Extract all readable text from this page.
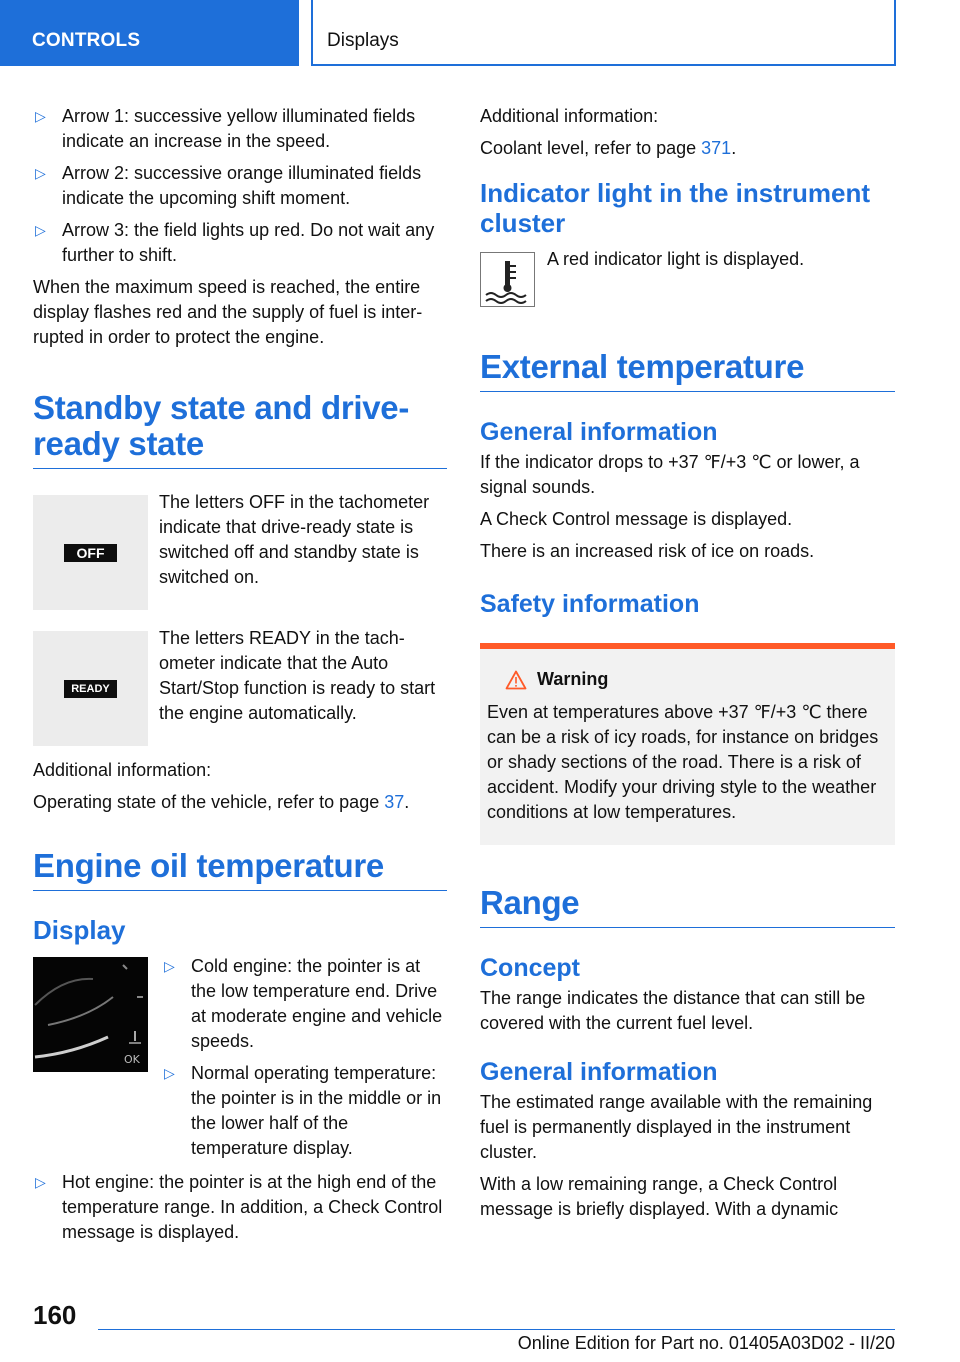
CONTROLS	Displays
▷ Arrow 1: successive yellow illuminated fields indicate an increase in the speed.
▷ Arrow 2: successive orange illuminated fields indicate the upcoming shift moment.
▷ Arrow 3: the field lights up red. Do not wait any further to shift.

When the maximum speed is reached, the entire display flashes red and the supply of fuel is interrupted in order to protect the engine.

Standby state and drive-ready state
OFF
The letters OFF in the tachometer indicate that drive-ready state is switched off and standby state is switched on.
READY
The letters READY in the tachometer indicate that the Auto Start/Stop function is ready to start the engine automatically.

Additional information:

Operating state of the vehicle, refer to page 37.

Engine oil temperature
Display
OK
▷ Cold engine: the pointer is at the low temperature end. Drive at moderate engine and vehicle speeds.
▷ Normal operating temperature: the pointer is in the middle or in the lower half of the temperature display.
▷ Hot engine: the pointer is at the high end of the temperature range. In addition, a Check Control message is displayed.

Additional information:

Coolant level, refer to page 371.

Indicator light in the instrument cluster
A red indicator light is displayed.
External temperature
General information

If the indicator drops to +37 ℉/+3 ℃ or lower, a signal sounds.

A Check Control message is displayed.

There is an increased risk of ice on roads.

Safety information
Warning

Even at temperatures above +37 ℉/+3 ℃ there can be a risk of icy roads, for instance on bridges or shady sections of the road. There is a risk of accident. Modify your driving style to the weather conditions at low temperatures.

Range
Concept

The range indicates the distance that can still be covered with the current fuel level.

General information

The estimated range available with the remaining fuel is permanently displayed in the instrument cluster.

With a low remaining range, a Check Control message is briefly displayed. With a dynamic

160
Online Edition for Part no. 01405A03D02 - II/20
